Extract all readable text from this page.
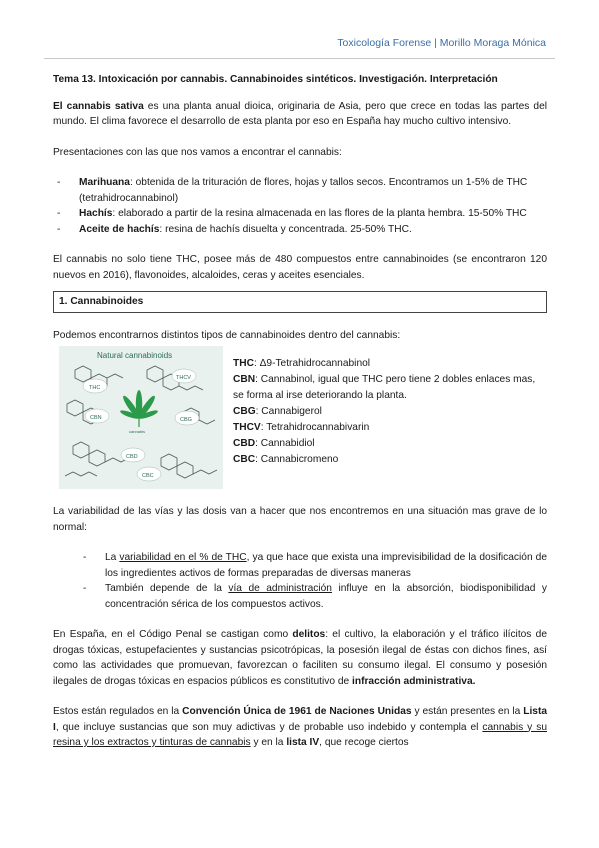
Toxicología Forense | Morillo Moraga Mónica

Tema 13. Intoxicación por cannabis. Cannabinoides sintéticos. Investigación. Interpretación

El cannabis sativa es una planta anual dioica, originaria de Asia, pero que crece en todas las partes del mundo. El clima favorece el desarrollo de esta planta por eso en España hay mucho cultivo intensivo.

Presentaciones con las que nos vamos a encontrar el cannabis:

- Marihuana: obtenida de la trituración de flores, hojas y tallos secos. Encontramos un 1-5% de THC (tetrahidrocannabinol)
- Hachís: elaborado a partir de la resina almacenada en las flores de la planta hembra. 15-50% THC
- Aceite de hachís: resina de hachís disuelta y concentrada. 25-50% THC.

El cannabis no solo tiene THC, posee más de 480 compuestos entre cannabinoides (se encontraron 120 nuevos en 2016), flavonoides, alcaloides, ceras y aceites esenciales.

1. Cannabinoides

Podemos encontrarnos distintos tipos de cannabinoides dentro del cannabis:

Natural cannabinoids
THC
THCV
CBN	CBG
CBD
CBC
cannabis

THC: Δ9-Tetrahidrocannabinol

CBN: Cannabinol, igual que THC pero tiene 2 dobles enlaces mas, se forma al irse deteriorando la planta.

CBG: Cannabigerol

THCV: Tetrahidrocannabivarin

CBD: Cannabidiol

CBC: Cannabicromeno

La variabilidad de las vías y las dosis van a hacer que nos encontremos en una situación mas grave de lo normal:

- La variabilidad en el % de THC, ya que hace que exista una imprevisibilidad de la dosificación de los ingredientes activos de formas preparadas de diversas maneras
- También depende de la vía de administración influye en la absorción, biodisponibilidad y concentración sérica de los compuestos activos.

En España, en el Código Penal se castigan como delitos: el cultivo, la elaboración y el tráfico ilícitos de drogas tóxicas, estupefacientes y sustancias psicotrópicas, la posesión ilegal de éstas con dichos fines, así como las actividades que promuevan, favorezcan o faciliten su consumo ilegal. El consumo y posesión ilegales de drogas tóxicas en espacios públicos es constitutivo de infracción administrativa.

Estos están regulados en la Convención Única de 1961 de Naciones Unidas y están presentes en la Lista I, que incluye sustancias que son muy adictivas y de probable uso indebido y contempla el cannabis y su resina y los extractos y tinturas de cannabis y en la lista IV, que recoge ciertos
